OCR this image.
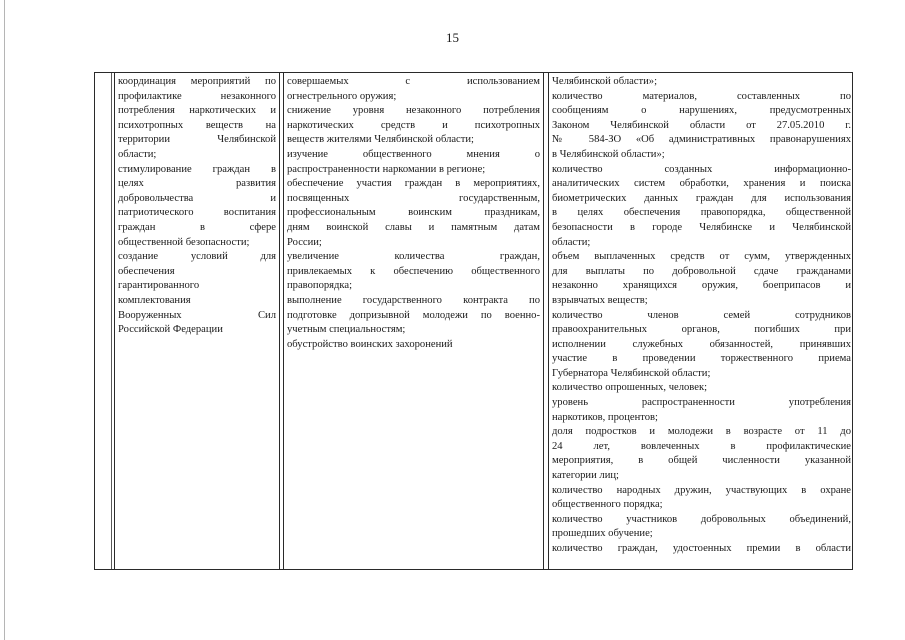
15
координация мероприятий по
профилактике незаконного
потребления наркотических и
психотропных веществ на
территории Челябинской
области;
стимулирование граждан в
целях развития
добровольчества и
патриотического воспитания
граждан в сфере
общественной безопасности;
создание условий для
обеспечения
гарантированного
комплектования
Вооруженных Сил
Российской Федерации
совершаемых с использованием
огнестрельного оружия;
снижение уровня незаконного потребления
наркотических средств и психотропных
веществ жителями Челябинской области;
изучение общественного мнения о
распространенности наркомании в регионе;
обеспечение участия граждан в мероприятиях,
посвященных государственным,
профессиональным воинским праздникам,
дням воинской славы и памятным датам
России;
увеличение количества граждан,
привлекаемых к обеспечению общественного
правопорядка;
выполнение государственного контракта по
подготовке допризывной молодежи по военно-
учетным специальностям;
обустройство воинских захоронений
Челябинской области»;
количество материалов, составленных по
сообщениям о нарушениях, предусмотренных
Законом Челябинской области от 27.05.2010 г.
№ 584-ЗО «Об административных правонарушениях
в Челябинской области»;
количество созданных информационно-
аналитических систем обработки, хранения и поиска
биометрических данных граждан для использования
в целях обеспечения правопорядка, общественной
безопасности в городе Челябинске и Челябинской
области;
объем выплаченных средств от сумм, утвержденных
для выплаты по добровольной сдаче гражданами
незаконно хранящихся оружия, боеприпасов и
взрывчатых веществ;
количество членов семей сотрудников
правоохранительных органов, погибших при
исполнении служебных обязанностей, принявших
участие в проведении торжественного приема
Губернатора Челябинской области;
количество опрошенных, человек;
уровень распространенности употребления
наркотиков, процентов;
доля подростков и молодежи в возрасте от 11 до
24 лет, вовлеченных в профилактические
мероприятия, в общей численности указанной
категории лиц;
количество народных дружин, участвующих в охране
общественного порядка;
количество участников добровольных объединений,
прошедших обучение;
количество граждан, удостоенных премии в области
